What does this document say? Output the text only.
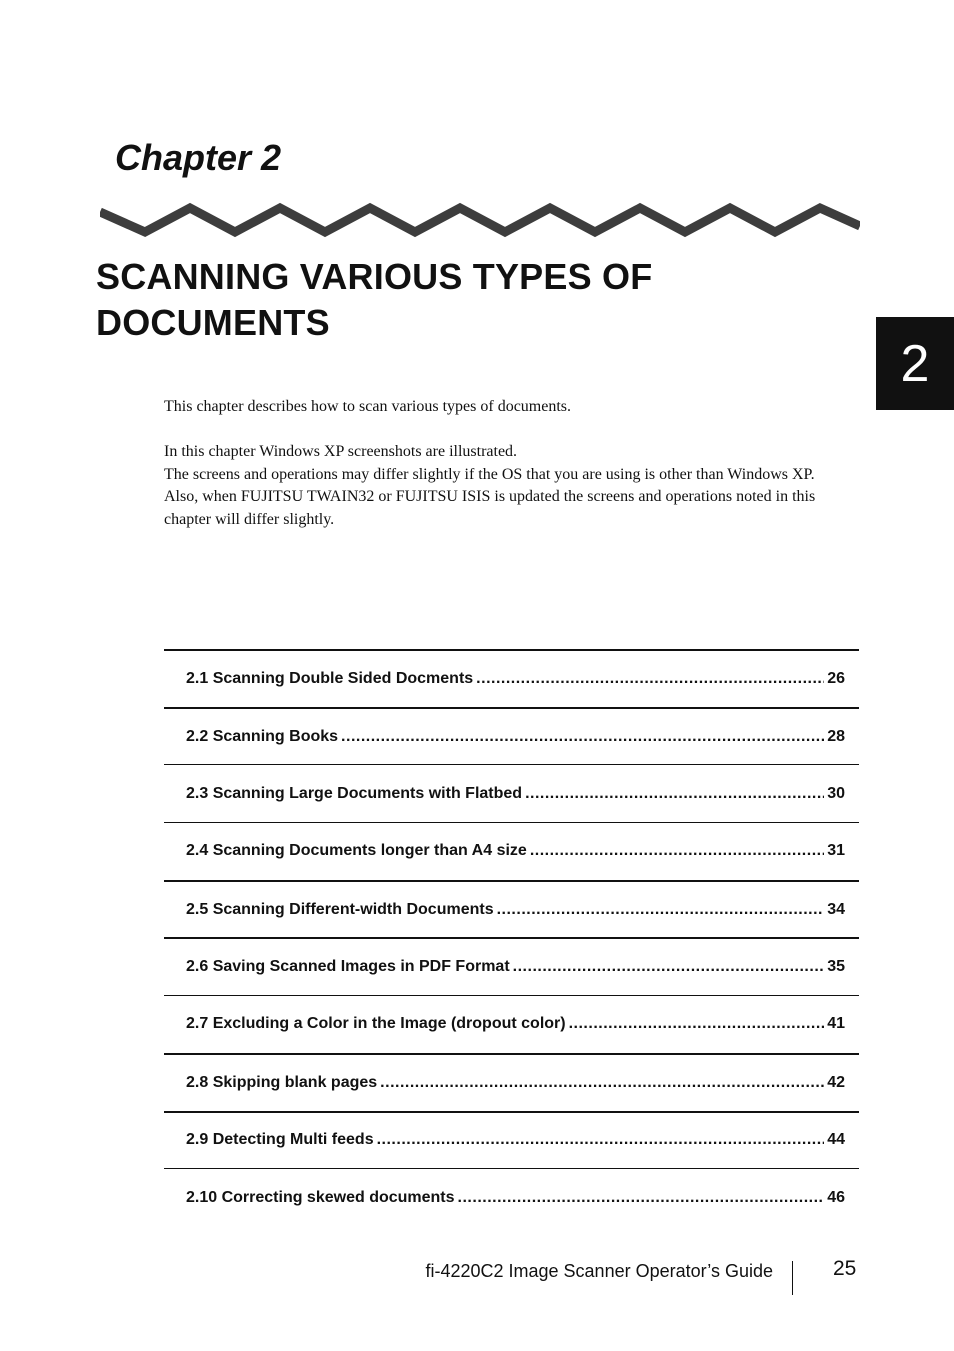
Chapter 2
SCANNING VARIOUS TYPES OF
DOCUMENTS
2

This chapter describes how to scan various types of documents.

In this chapter Windows XP screenshots are illustrated.

The screens and operations may differ slightly if the OS that you are using is other than Windows XP.

Also, when FUJITSU TWAIN32 or FUJITSU ISIS is updated the screens and operations noted in this chapter will differ slightly.

2.1 Scanning Double Sided Docments .....	26
2.2 Scanning Books .....	28
2.3 Scanning Large Documents with Flatbed .....	30
2.4 Scanning Documents longer than A4 size .....	31
2.5 Scanning Different-width Documents .....	34
2.6 Saving Scanned Images in PDF Format .....	35
2.7 Excluding a Color in the Image (dropout color) .....	41
2.8 Skipping blank pages .....	42
2.9 Detecting Multi feeds .....	44
2.10 Correcting skewed documents .....	46
fi-4220C2 Image Scanner Operator’s Guide	25
